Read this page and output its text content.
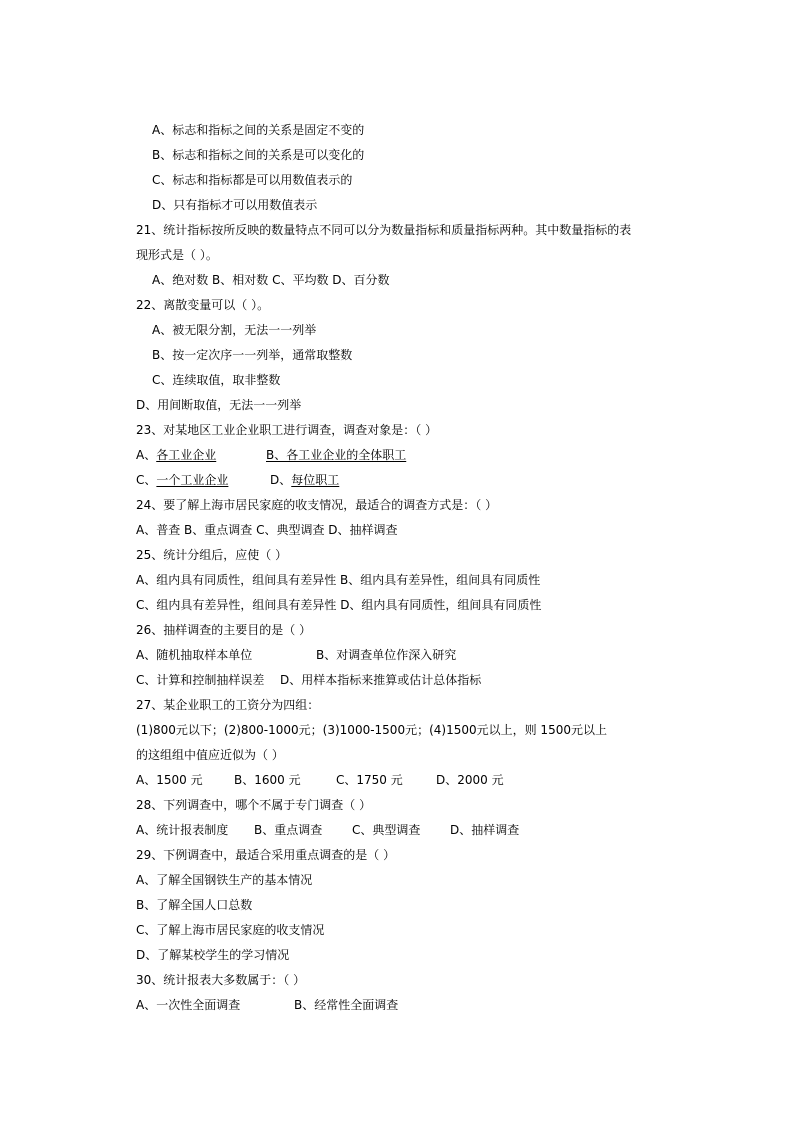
A、标志和指标之间的关系是固定不变的
B、标志和指标之间的关系是可以变化的
C、标志和指标都是可以用数值表示的
D、只有指标才可以用数值表示
21、统计指标按所反映的数量特点不同可以分为数量指标和质量指标两种。其中数量指标的表
现形式是（ ）。
A、绝对数 B、相对数 C、平均数 D、百分数
22、离散变量可以（ ）。
A、被无限分割，无法一一列举
B、按一定次序一一列举，通常取整数
C、连续取值，取非整数
D、用间断取值，无法一一列举
23、对某地区工业企业职工进行调查，调查对象是：（ ）
A、各工业企业	B、各工业企业的全体职工
C、一个工业企业	D、每位职工
24、要了解上海市居民家庭的收支情况，最适合的调查方式是：（ ）
A、普查 B、重点调查 C、典型调查 D、抽样调查
25、统计分组后，应使（ ）
A、组内具有同质性，组间具有差异性 B、组内具有差异性，组间具有同质性
C、组内具有差异性，组间具有差异性 D、组内具有同质性，组间具有同质性
26、抽样调查的主要目的是（ ）
A、随机抽取样本单位	B、对调查单位作深入研究
C、计算和控制抽样误差 D、用样本指标来推算或估计总体指标
27、某企业职工的工资分为四组：
(1)800元以下；(2)800-1000元；(3)1000-1500元；(4)1500元以上，则 1500元以上
的这组组中值应近似为（ ）
A、1500 元	B、1600 元	C、1750 元	D、2000 元
28、下列调查中，哪个不属于专门调查（ ）
A、统计报表制度 B、重点调查 C、典型调查 D、抽样调查
29、下例调查中，最适合采用重点调查的是（ ）
A、了解全国钢铁生产的基本情况
B、了解全国人口总数
C、了解上海市居民家庭的收支情况
D、了解某校学生的学习情况
30、统计报表大多数属于：（ ）
A、一次性全面调查	B、经常性全面调查
